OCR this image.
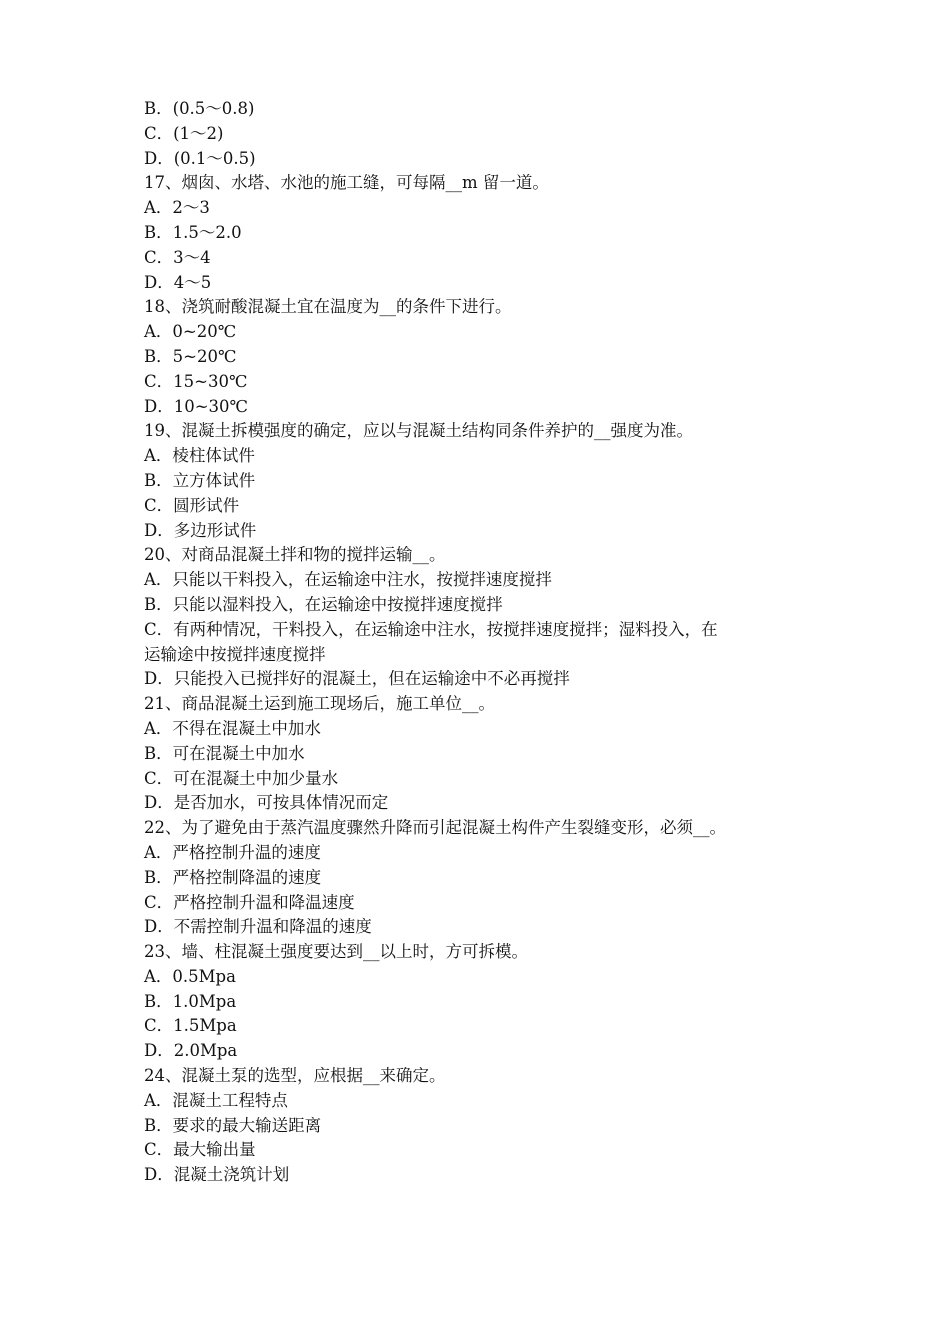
B．(0.5～0.8)
C．(1～2)
D．(0.1～0.5)
17、烟囱、水塔、水池的施工缝，可每隔__m 留一道。
A．2～3
B．1.5～2.0
C．3～4
D．4～5
18、浇筑耐酸混凝土宜在温度为__的条件下进行。
A．0~20℃
B．5~20℃
C．15~30℃
D．10~30℃
19、混凝土拆模强度的确定，应以与混凝土结构同条件养护的__强度为准。
A．棱柱体试件
B．立方体试件
C．圆形试件
D．多边形试件
20、对商品混凝土拌和物的搅拌运输__。
A．只能以干料投入，在运输途中注水，按搅拌速度搅拌
B．只能以湿料投入，在运输途中按搅拌速度搅拌
C．有两种情况，干料投入，在运输途中注水，按搅拌速度搅拌；湿料投入，在
运输途中按搅拌速度搅拌
D．只能投入已搅拌好的混凝土，但在运输途中不必再搅拌
21、商品混凝土运到施工现场后，施工单位__。
A．不得在混凝土中加水
B．可在混凝土中加水
C．可在混凝土中加少量水
D．是否加水，可按具体情况而定
22、为了避免由于蒸汽温度骤然升降而引起混凝土构件产生裂缝变形，必须__。
A．严格控制升温的速度
B．严格控制降温的速度
C．严格控制升温和降温速度
D．不需控制升温和降温的速度
23、墙、柱混凝土强度要达到__以上时，方可拆模。
A．0.5Mpa
B．1.0Mpa
C．1.5Mpa
D．2.0Mpa
24、混凝土泵的选型，应根据__来确定。
A．混凝土工程特点
B．要求的最大输送距离
C．最大输出量
D．混凝土浇筑计划
